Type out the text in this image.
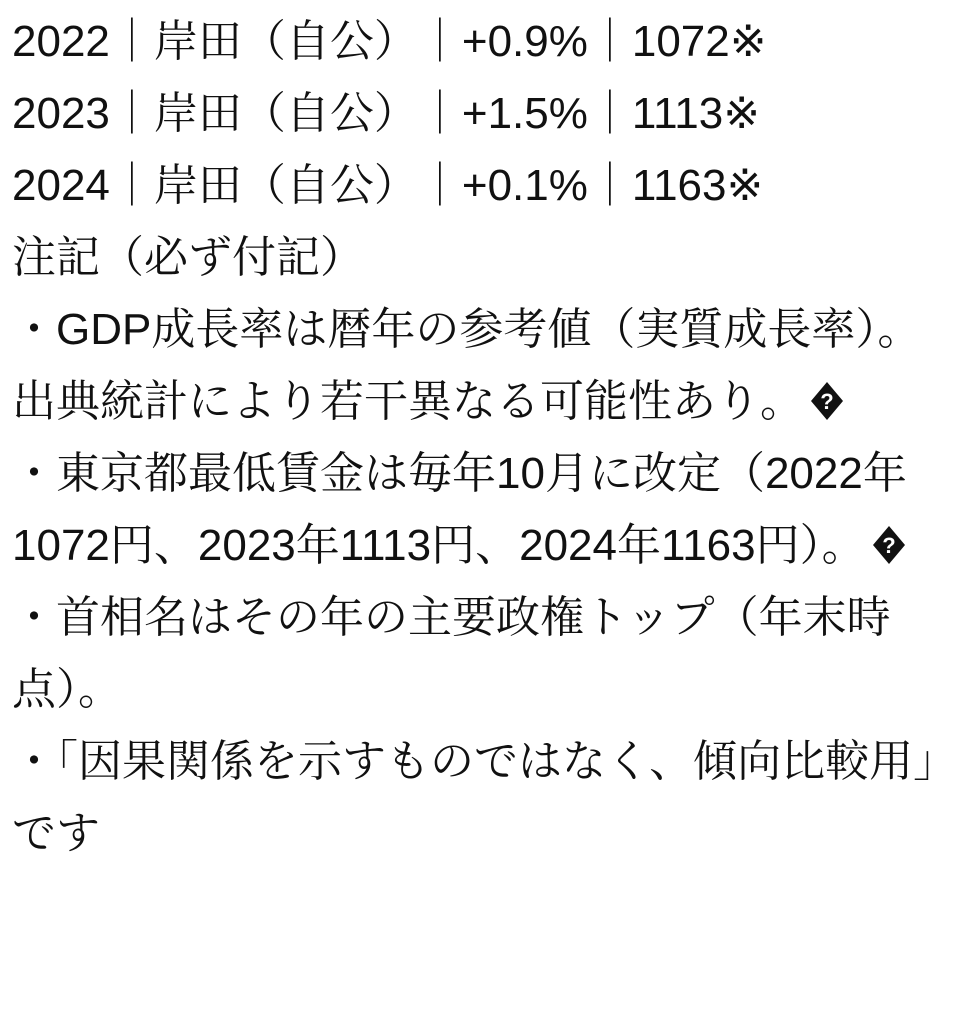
2022｜岸田（自公）｜+0.9%｜1072※
2023｜岸田（自公）｜+1.5%｜1113※
2024｜岸田（自公）｜+0.1%｜1163※
注記（必ず付記）
・GDP成長率は暦年の参考値（実質成長率）。出典統計により若干異なる可能性あり。 ?
・東京都最低賃金は毎年10月に改定（2022年1072円、2023年1113円、2024年1163円）。 ?
・首相名はその年の主要政権トップ（年末時点）。
・「因果関係を示すものではなく、傾向比較用」です
